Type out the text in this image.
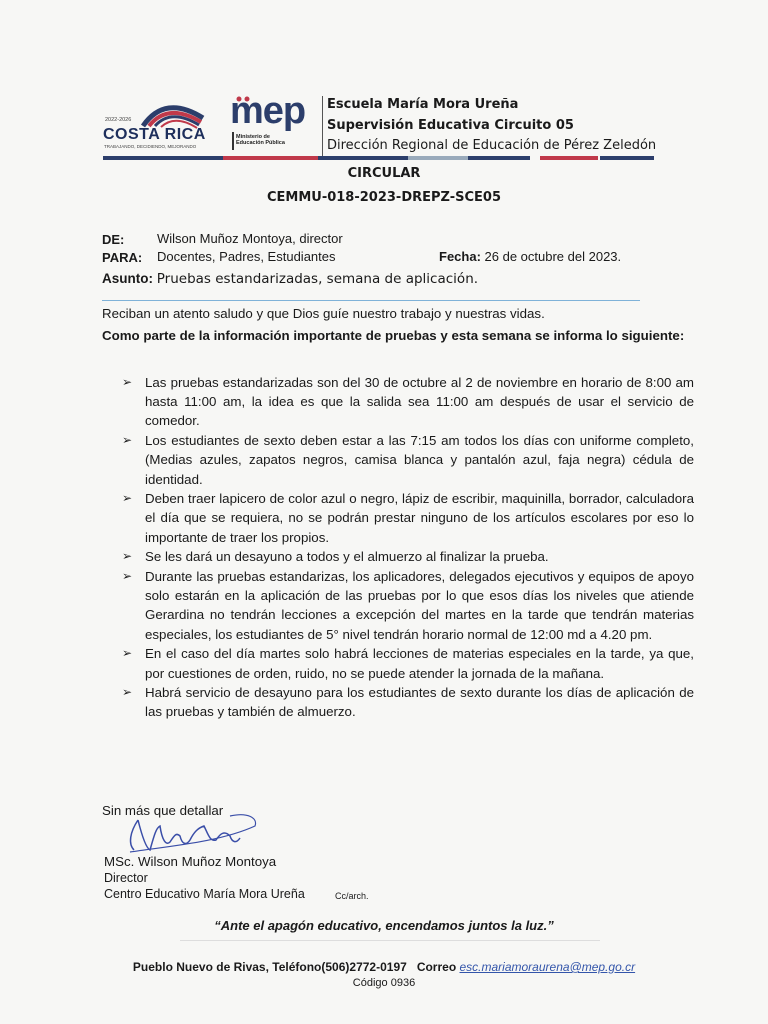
2022-2026
COSTA RICA
TRABAJANDO, DECIDIENDO, MEJORANDO
mep
Ministerio de
Educación Pública
Escuela María Mora Ureña
Supervisión Educativa Circuito 05
Dirección Regional de Educación de Pérez Zeledón
CIRCULAR
CEMMU-018-2023-DREPZ-SCE05
DE:	Wilson Muñoz Montoya, director
PARA: Docentes, Padres, Estudiantes	Fecha: 26 de octubre del 2023.
Asunto: Pruebas estandarizadas, semana de aplicación.
Reciban un atento saludo y que Dios guíe nuestro trabajo y nuestras vidas.
Como parte de la información importante de pruebas y esta semana se informa lo siguiente:
➢ Las pruebas estandarizadas son del 30 de octubre al 2 de noviembre en horario de 8:00 am hasta 11:00 am, la idea es que la salida sea 11:00 am después de usar el servicio de comedor.
➢ Los estudiantes de sexto deben estar a las 7:15 am todos los días con uniforme completo, (Medias azules, zapatos negros, camisa blanca y pantalón azul, faja negra) cédula de identidad.
➢ Deben traer lapicero de color azul o negro, lápiz de escribir, maquinilla, borrador, calculadora el día que se requiera, no se podrán prestar ninguno de los artículos escolares por eso lo importante de traer los propios.
➢ Se les dará un desayuno a todos y el almuerzo al finalizar la prueba.
➢ Durante las pruebas estandarizas, los aplicadores, delegados ejecutivos y equipos de apoyo solo estarán en la aplicación de las pruebas por lo que esos días los niveles que atiende Gerardina no tendrán lecciones a excepción del martes en la tarde que tendrán materias especiales, los estudiantes de 5° nivel tendrán horario normal de 12:00 md a 4.20 pm.
➢ En el caso del día martes solo habrá lecciones de materias especiales en la tarde, ya que, por cuestiones de orden, ruido, no se puede atender la jornada de la mañana.
➢ Habrá servicio de desayuno para los estudiantes de sexto durante los días de aplicación de las pruebas y también de almuerzo.
Sin más que detallar
MSc. Wilson Muñoz Montoya
Director
Centro Educativo María Mora Ureña	Cc/arch.
“Ante el apagón educativo, encendamos juntos la luz.”
Pueblo Nuevo de Rivas, Teléfono(506)2772-0197 Correo esc.mariamoraurena@mep.go.cr
Código 0936
